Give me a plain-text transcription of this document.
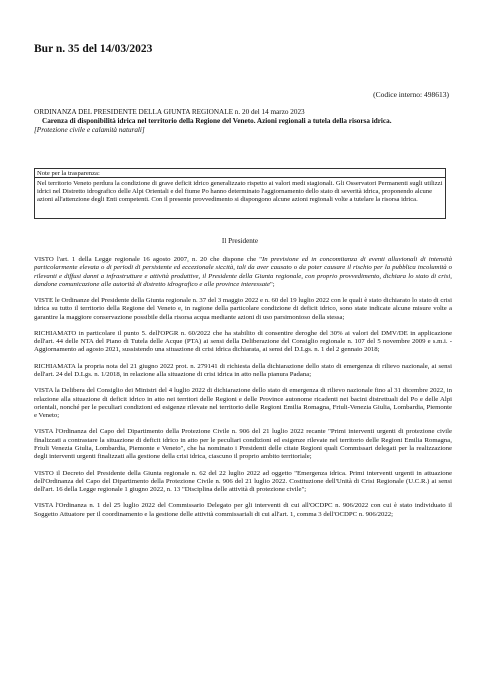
Bur n. 35 del 14/03/2023
(Codice interno: 498613)
ORDINANZA DEL PRESIDENTE DELLA GIUNTA REGIONALE n. 20 del 14 marzo 2023
Carenza di disponibilità idrica nel territorio della Regione del Veneto. Azioni regionali a tutela della risorsa idrica.
[Protezione civile e calamità naturali]
Note per la trasparenza:
Nel territorio Veneto perdura la condizione di grave deficit idrico generalizzato rispetto ai valori medi stagionali. Gli Osservatori Permanenti sugli utilizzi idrici nel Distretto idrografico delle Alpi Orientali e del fiume Po hanno determinato l'aggiornamento dello stato di severità idrica, proponendo alcune azioni all'attenzione degli Enti competenti. Con il presente provvedimento si dispongono alcune azioni regionali volte a tutelare la risorsa idrica.
Il Presidente

VISTO l'art. 1 della Legge regionale 16 agosto 2007, n. 20 che dispone che "In previsione ed in concomitanza di eventi alluvionali di intensità particolarmente elevata o di periodi di persistente ed eccezionale siccità, tali da aver causato o da poter causare il rischio per la pubblica incolumità o rilevanti e diffusi danni a infrastrutture e attività produttive, il Presidente della Giunta regionale, con proprio provvedimento, dichiara lo stato di crisi, dandone comunicazione alle autorità di distretto idrografico e alle province interessate";

VISTE le Ordinanze del Presidente della Giunta regionale n. 37 del 3 maggio 2022 e n. 60 del 19 luglio 2022 con le quali è stato dichiarato lo stato di crisi idrica su tutto il territorio della Regione del Veneto e, in ragione della particolare condizione di deficit idrico, sono state indicate alcune misure volte a garantire la maggiore conservazione possibile della risorsa acqua mediante azioni di uso parsimonioso della stessa;

RICHIAMATO in particolare il punto 5. dell'OPGR n. 60/2022 che ha stabilito di consentire deroghe del 30% ai valori del DMV/DE in applicazione dell'art. 44 delle NTA del Piano di Tutela delle Acque (PTA) ai sensi della Deliberazione del Consiglio regionale n. 107 del 5 novembre 2009 e s.m.i. - Aggiornamento ad agosto 2021, sussistendo una situazione di crisi idrica dichiarata, ai sensi del D.Lgs. n. 1 del 2 gennaio 2018;

RICHIAMATA la propria nota del 21 giugno 2022 prot. n. 279141 di richiesta della dichiarazione dello stato di emergenza di rilievo nazionale, ai sensi dell'art. 24 del D.Lgs. n. 1/2018, in relazione alla situazione di crisi idrica in atto nella pianura Padana;

VISTA la Delibera del Consiglio dei Ministri del 4 luglio 2022 di dichiarazione dello stato di emergenza di rilievo nazionale fino al 31 dicembre 2022, in relazione alla situazione di deficit idrico in atto nei territori delle Regioni e delle Province autonome ricadenti nei bacini distrettuali del Po e delle Alpi orientali, nonché per le peculiari condizioni ed esigenze rilevate nel territorio delle Regioni Emilia Romagna, Friuli-Venezia Giulia, Lombardia, Piemonte e Veneto;

VISTA l'Ordinanza del Capo del Dipartimento della Protezione Civile n. 906 del 21 luglio 2022 recante "Primi interventi urgenti di protezione civile finalizzati a contrastare la situazione di deficit idrico in atto per le peculiari condizioni ed esigenze rilevate nel territorio delle Regioni Emilia Romagna, Friuli Venezia Giulia, Lombardia, Piemonte e Veneto", che ha nominato i Presidenti delle citate Regioni quali Commissari delegati per la realizzazione degli interventi urgenti finalizzati alla gestione della crisi idrica, ciascuno il proprio ambito territoriale;

VISTO il Decreto del Presidente della Giunta regionale n. 62 del 22 luglio 2022 ad oggetto "Emergenza idrica. Primi interventi urgenti in attuazione dell'Ordinanza del Capo del Dipartimento della Protezione Civile n. 906 del 21 luglio 2022. Costituzione dell'Unità di Crisi Regionale (U.C.R.) ai sensi dell'art. 16 della Legge regionale 1 giugno 2022, n. 13 "Disciplina delle attività di protezione civile";

VISTA l'Ordinanza n. 1 del 25 luglio 2022 del Commissario Delegato per gli interventi di cui all'OCDPC n. 906/2022 con cui è stato individuato il Soggetto Attuatore per il coordinamento e la gestione delle attività commissariali di cui all'art. 1, comma 3 dell'OCDPC n. 906/2022;
